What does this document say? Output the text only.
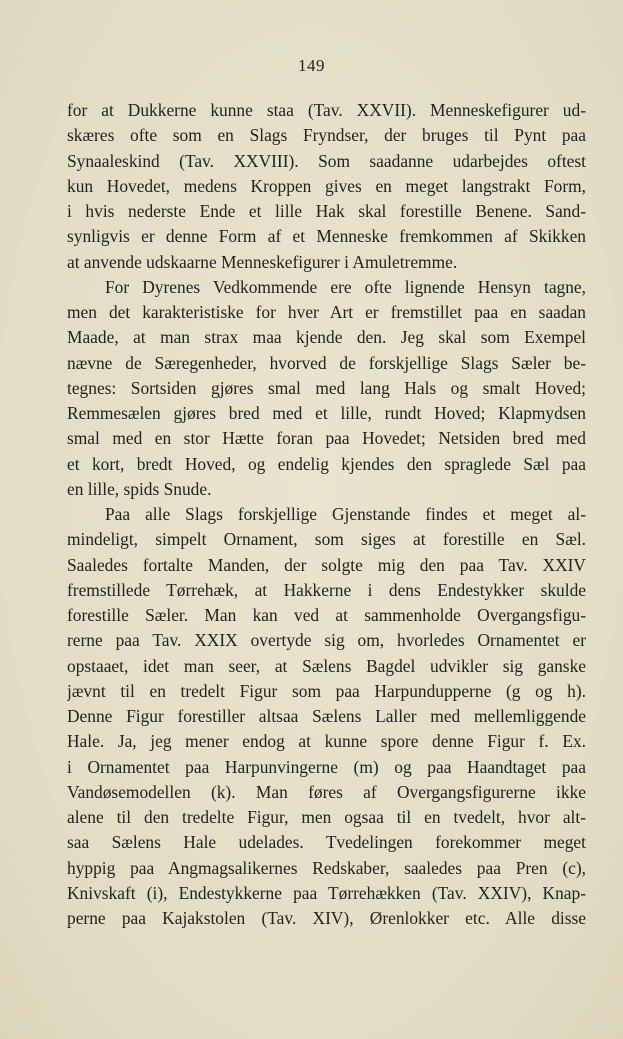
149
for at Dukkerne kunne staa (Tav. XXVII). Menneskefigurer ud-
skæres ofte som en Slags Fryndser, der bruges til Pynt paa
Synaaleskind (Tav. XXVIII). Som saadanne udarbejdes oftest
kun Hovedet, medens Kroppen gives en meget langstrakt Form,
i hvis nederste Ende et lille Hak skal forestille Benene. Sand-
synligvis er denne Form af et Menneske fremkommen af Skikken
at anvende udskaarne Menneskefigurer i Amuletremme.
For Dyrenes Vedkommende ere ofte lignende Hensyn tagne,
men det karakteristiske for hver Art er fremstillet paa en saadan
Maade, at man strax maa kjende den. Jeg skal som Exempel
nævne de Særegenheder, hvorved de forskjellige Slags Sæler be-
tegnes: Sortsiden gjøres smal med lang Hals og smalt Hoved;
Remmesælen gjøres bred med et lille, rundt Hoved; Klapmydsen
smal med en stor Hætte foran paa Hovedet; Netsiden bred med
et kort, bredt Hoved, og endelig kjendes den spraglede Sæl paa
en lille, spids Snude.
Paa alle Slags forskjellige Gjenstande findes et meget al-
mindeligt, simpelt Ornament, som siges at forestille en Sæl.
Saaledes fortalte Manden, der solgte mig den paa Tav. XXIV
fremstillede Tørrehæk, at Hakkerne i dens Endestykker skulde
forestille Sæler. Man kan ved at sammenholde Overgangsfigu-
rerne paa Tav. XXIX overtyde sig om, hvorledes Ornamentet er
opstaaet, idet man seer, at Sælens Bagdel udvikler sig ganske
jævnt til en tredelt Figur som paa Harpundupperne (g og h).
Denne Figur forestiller altsaa Sælens Laller med mellemliggende
Hale. Ja, jeg mener endog at kunne spore denne Figur f. Ex.
i Ornamentet paa Harpunvingerne (m) og paa Haandtaget paa
Vandøsemodellen (k). Man føres af Overgangsfigurerne ikke
alene til den tredelte Figur, men ogsaa til en tvedelt, hvor alt-
saa Sælens Hale udelades. Tvedelingen forekommer meget
hyppig paa Angmagsalikernes Redskaber, saaledes paa Pren (c),
Knivskaft (i), Endestykkerne paa Tørrehækken (Tav. XXIV), Knap-
perne paa Kajakstolen (Tav. XIV), Ørenlokker etc. Alle disse
